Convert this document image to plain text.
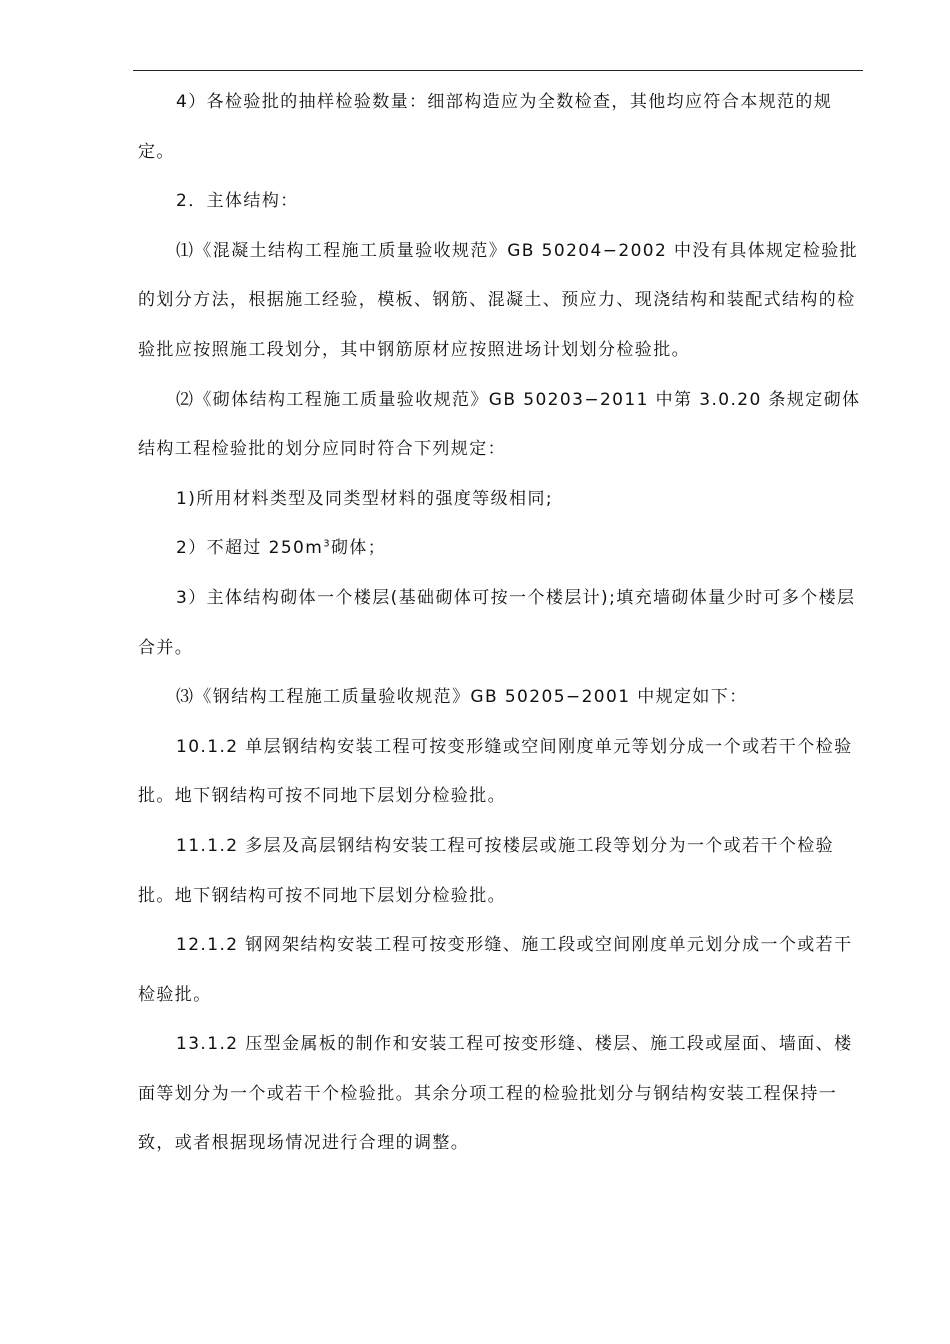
4）各检验批的抽样检验数量：细部构造应为全数检查，其他均应符合本规范的规定。

2．主体结构：

⑴《混凝土结构工程施工质量验收规范》GB 50204−2002 中没有具体规定检验批的划分方法，根据施工经验，模板、钢筋、混凝土、预应力、现浇结构和装配式结构的检验批应按照施工段划分，其中钢筋原材应按照进场计划划分检验批。

⑵《砌体结构工程施工质量验收规范》GB 50203−2011 中第 3.0.20 条规定砌体结构工程检验批的划分应同时符合下列规定：

1)所用材料类型及同类型材料的强度等级相同;

2）不超过 $250m^3$砌体；

3）主体结构砌体一个楼层(基础砌体可按一个楼层计);填充墙砌体量少时可多个楼层合并。

⑶《钢结构工程施工质量验收规范》GB 50205−2001 中规定如下：

10.1.2 单层钢结构安装工程可按变形缝或空间刚度单元等划分成一个或若干个检验批。地下钢结构可按不同地下层划分检验批。

11.1.2 多层及高层钢结构安装工程可按楼层或施工段等划分为一个或若干个检验批。地下钢结构可按不同地下层划分检验批。

12.1.2 钢网架结构安装工程可按变形缝、施工段或空间刚度单元划分成一个或若干检验批。

13.1.2 压型金属板的制作和安装工程可按变形缝、楼层、施工段或屋面、墙面、楼面等划分为一个或若干个检验批。其余分项工程的检验批划分与钢结构安装工程保持一致，或者根据现场情况进行合理的调整。
